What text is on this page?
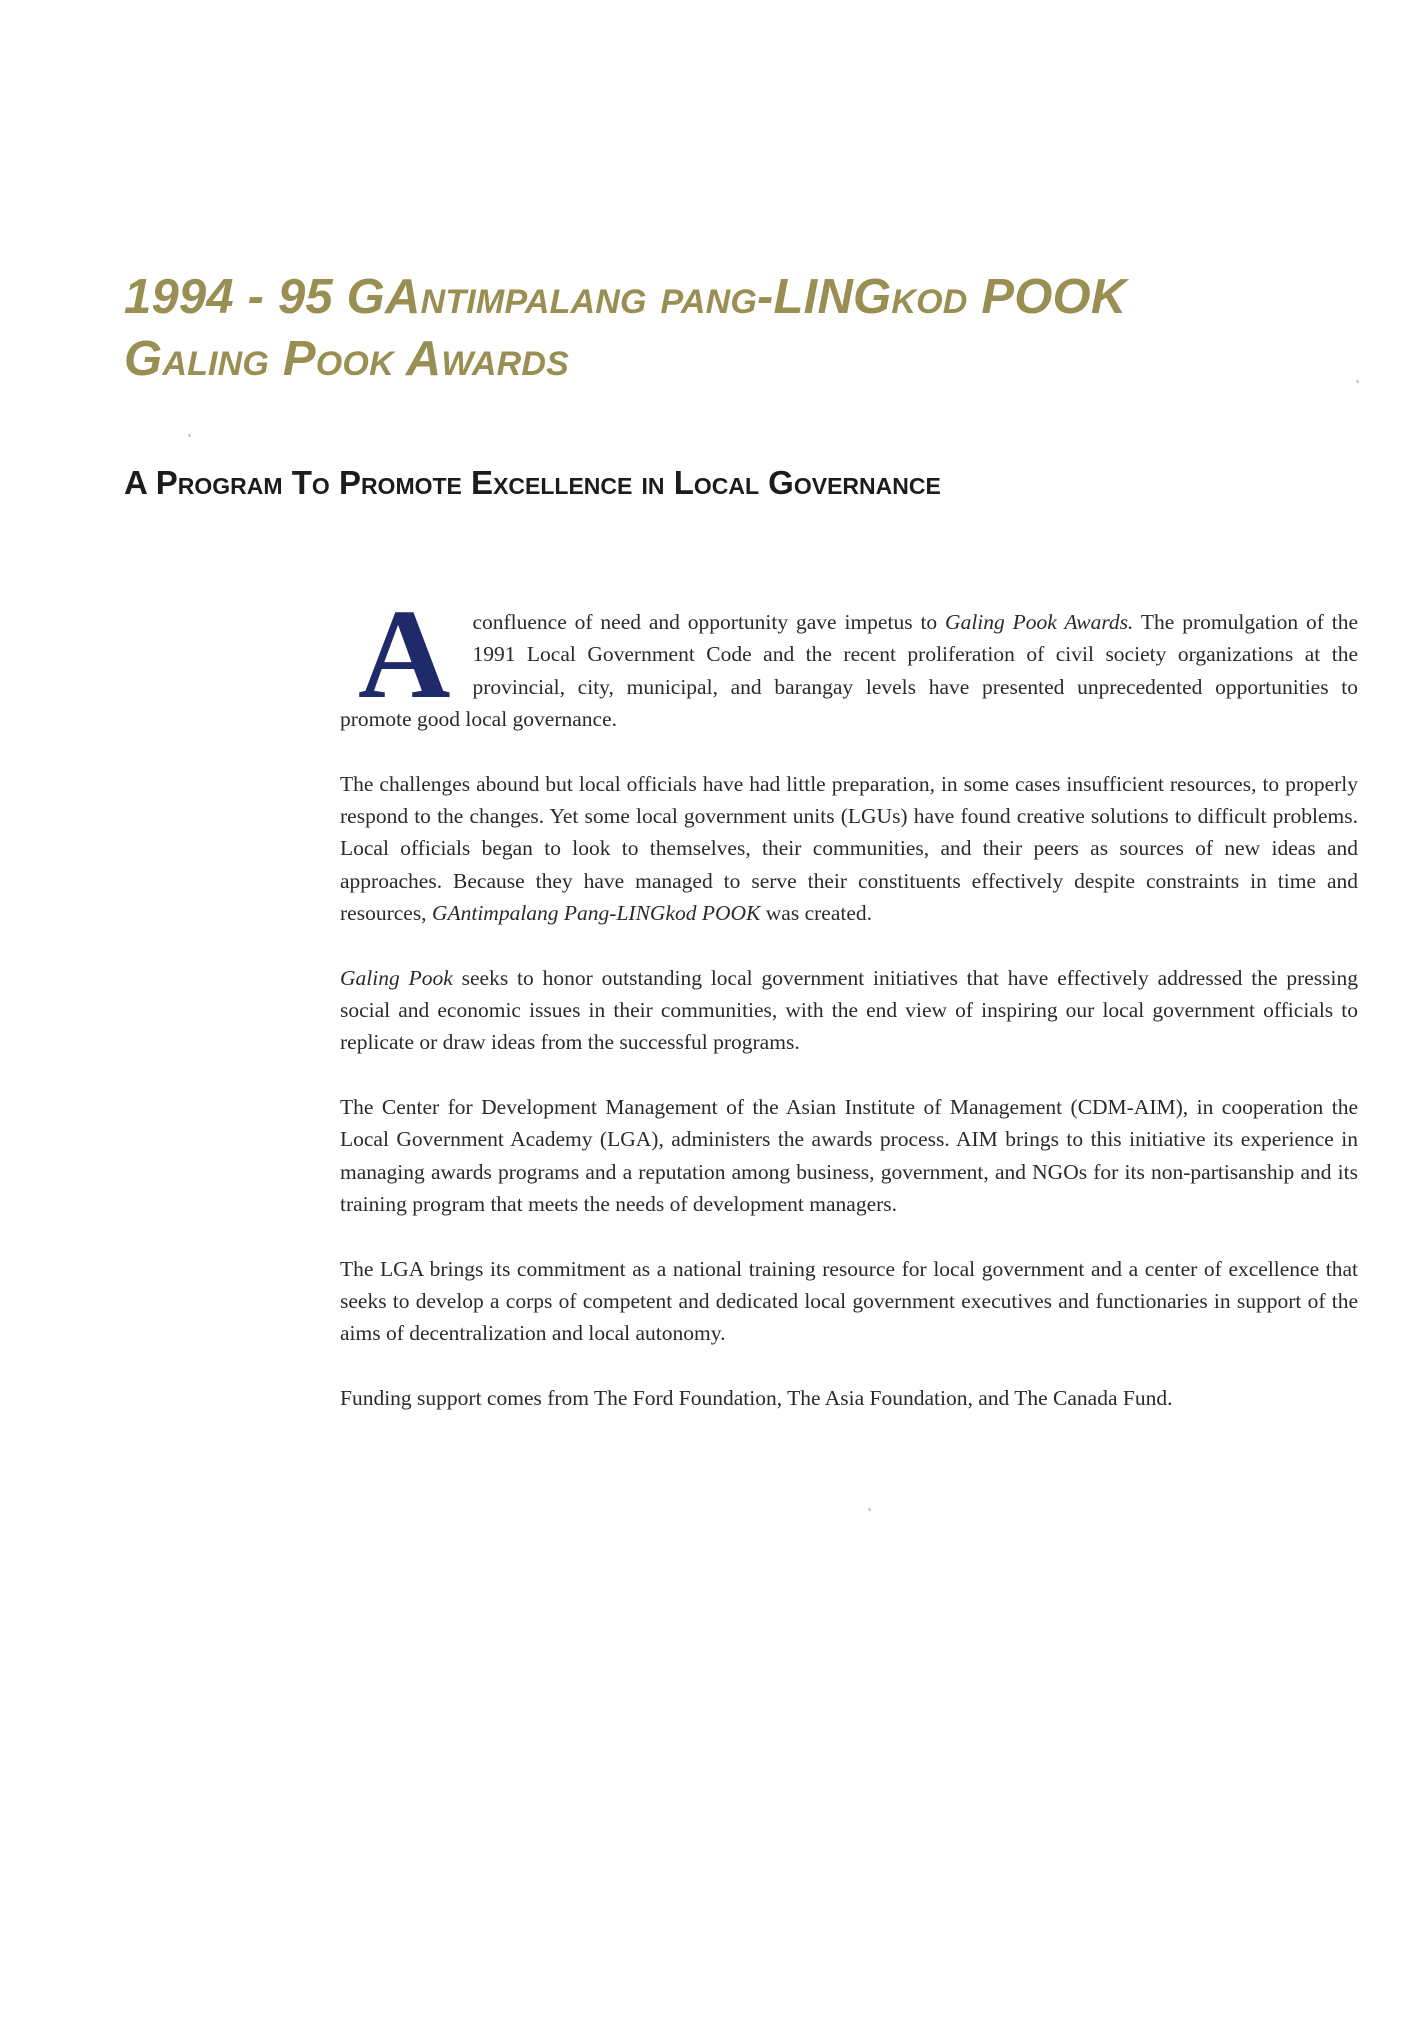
1994 - 95 GAntimpalang pang-LINGkod POOK
Galing Pook Awards
A Program To Promote Excellence in Local Governance

A confluence of need and opportunity gave impetus to Galing Pook Awards. The promulgation of the 1991 Local Government Code and the recent proliferation of civil society organizations at the provincial, city, municipal, and barangay levels have presented unprecedented opportunities to promote good local governance.

The challenges abound but local officials have had little preparation, in some cases insufficient resources, to properly respond to the changes. Yet some local government units (LGUs) have found creative solutions to difficult problems. Local officials began to look to themselves, their communities, and their peers as sources of new ideas and approaches. Because they have managed to serve their constituents effectively despite constraints in time and resources, GAntimpalang Pang-LINGkod POOK was created.

Galing Pook seeks to honor outstanding local government initiatives that have effectively addressed the pressing social and economic issues in their communities, with the end view of inspiring our local government officials to replicate or draw ideas from the successful programs.

The Center for Development Management of the Asian Institute of Management (CDM-AIM), in cooperation the Local Government Academy (LGA), administers the awards process. AIM brings to this initiative its experience in managing awards programs and a reputation among business, government, and NGOs for its non-partisanship and its training program that meets the needs of development managers.

The LGA brings its commitment as a national training resource for local government and a center of excellence that seeks to develop a corps of competent and dedicated local government executives and functionaries in support of the aims of decentralization and local autonomy.

Funding support comes from The Ford Foundation, The Asia Foundation, and The Canada Fund.
